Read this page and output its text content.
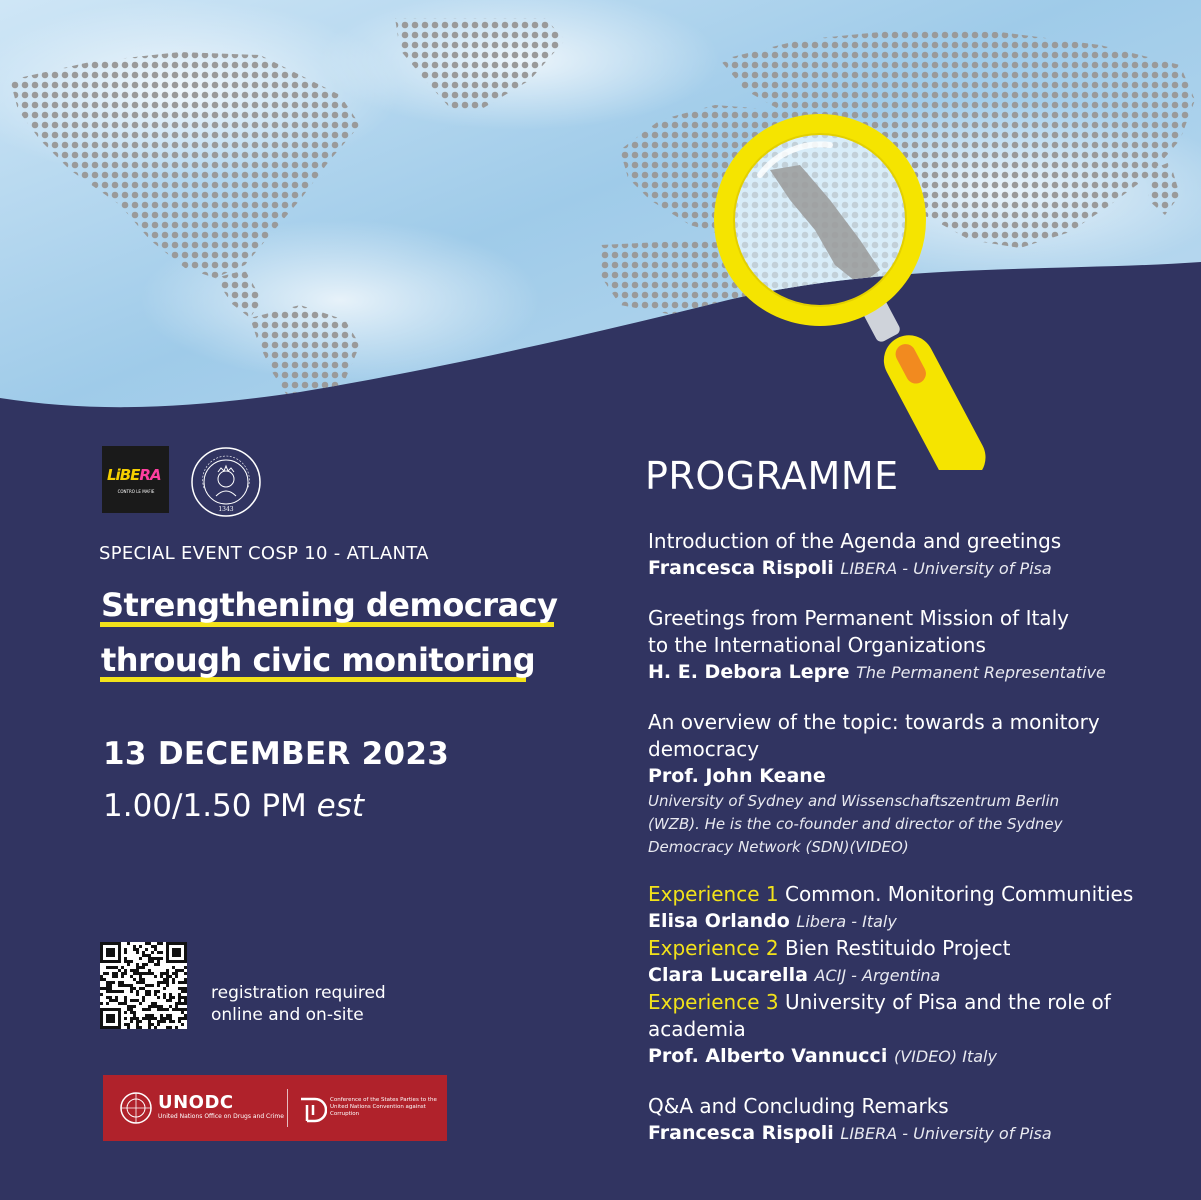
LiBERA
CONTRO LE MAFIE
1343
SPECIAL EVENT COSP 10 - ATLANTA
Strengthening democracy
through civic monitoring
13 DECEMBER 2023
1.00/1.50 PM est
registration required
online and on-site
UNODC
United Nations Office on Drugs and Crime
Conference of the States Parties to the United Nations Convention against Corruption
PROGRAMME
Introduction of the Agenda and greetings
Francesca Rispoli LIBERA - University of Pisa
Greetings from Permanent Mission of Italy
to the International Organizations
H. E. Debora Lepre The Permanent Representative
An overview of the topic: towards a monitory
democracy
Prof. John Keane
University of Sydney and Wissenschaftszentrum Berlin
(WZB). He is the co-founder and director of the Sydney
Democracy Network (SDN)(VIDEO)
Experience 1 Common. Monitoring Communities
Elisa Orlando Libera - Italy
Experience 2 Bien Restituido Project
Clara Lucarella ACIJ - Argentina
Experience 3 University of Pisa and the role of
academia
Prof. Alberto Vannucci (VIDEO) Italy
Q&A and Concluding Remarks
Francesca Rispoli LIBERA - University of Pisa
